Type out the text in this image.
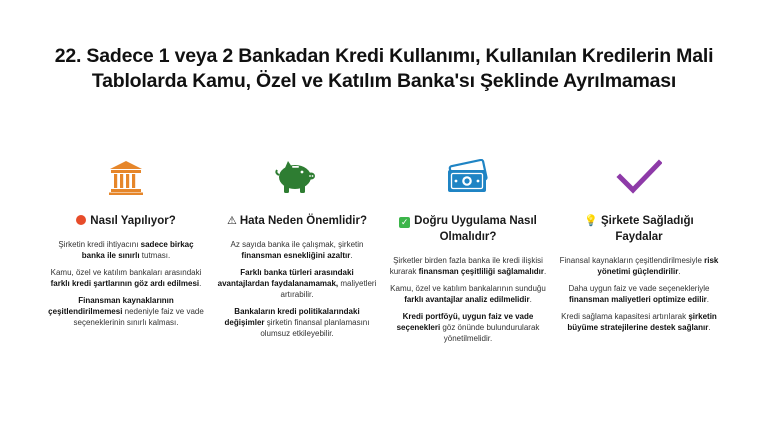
22. Sadece 1 veya 2 Bankadan Kredi Kullanımı, Kullanılan Kredilerin Mali
Tablolarda Kamu, Özel ve Katılım Banka'sı Şeklinde Ayrılmaması
Nasıl Yapılıyor?
Şirketin kredi ihtiyacını sadece birkaç banka ile sınırlı tutması.
Kamu, özel ve katılım bankaları arasındaki farklı kredi şartlarının göz ardı edilmesi.
Finansman kaynaklarının çeşitlendirilmemesi nedeniyle faiz ve vade seçeneklerinin sınırlı kalması.
⚠ Hata Neden Önemlidir?
Az sayıda banka ile çalışmak, şirketin finansman esnekliğini azaltır.
Farklı banka türleri arasındaki avantajlardan faydalanamamak, maliyetleri artırabilir.
Bankaların kredi politikalarındaki değişimler şirketin finansal planlamasını olumsuz etkileyebilir.
✓ Doğru Uygulama Nasıl
Olmalıdır?
Şirketler birden fazla banka ile kredi ilişkisi kurarak finansman çeşitliliği sağlamalıdır.
Kamu, özel ve katılım bankalarının sunduğu farklı avantajlar analiz edilmelidir.
Kredi portföyü, uygun faiz ve vade seçenekleri göz önünde bulundurularak yönetilmelidir.
💡 Şirkete Sağladığı
Faydalar
Finansal kaynakların çeşitlendirilmesiyle risk yönetimi güçlendirilir.
Daha uygun faiz ve vade seçenekleriyle finansman maliyetleri optimize edilir.
Kredi sağlama kapasitesi artırılarak şirketin büyüme stratejilerine destek sağlanır.
